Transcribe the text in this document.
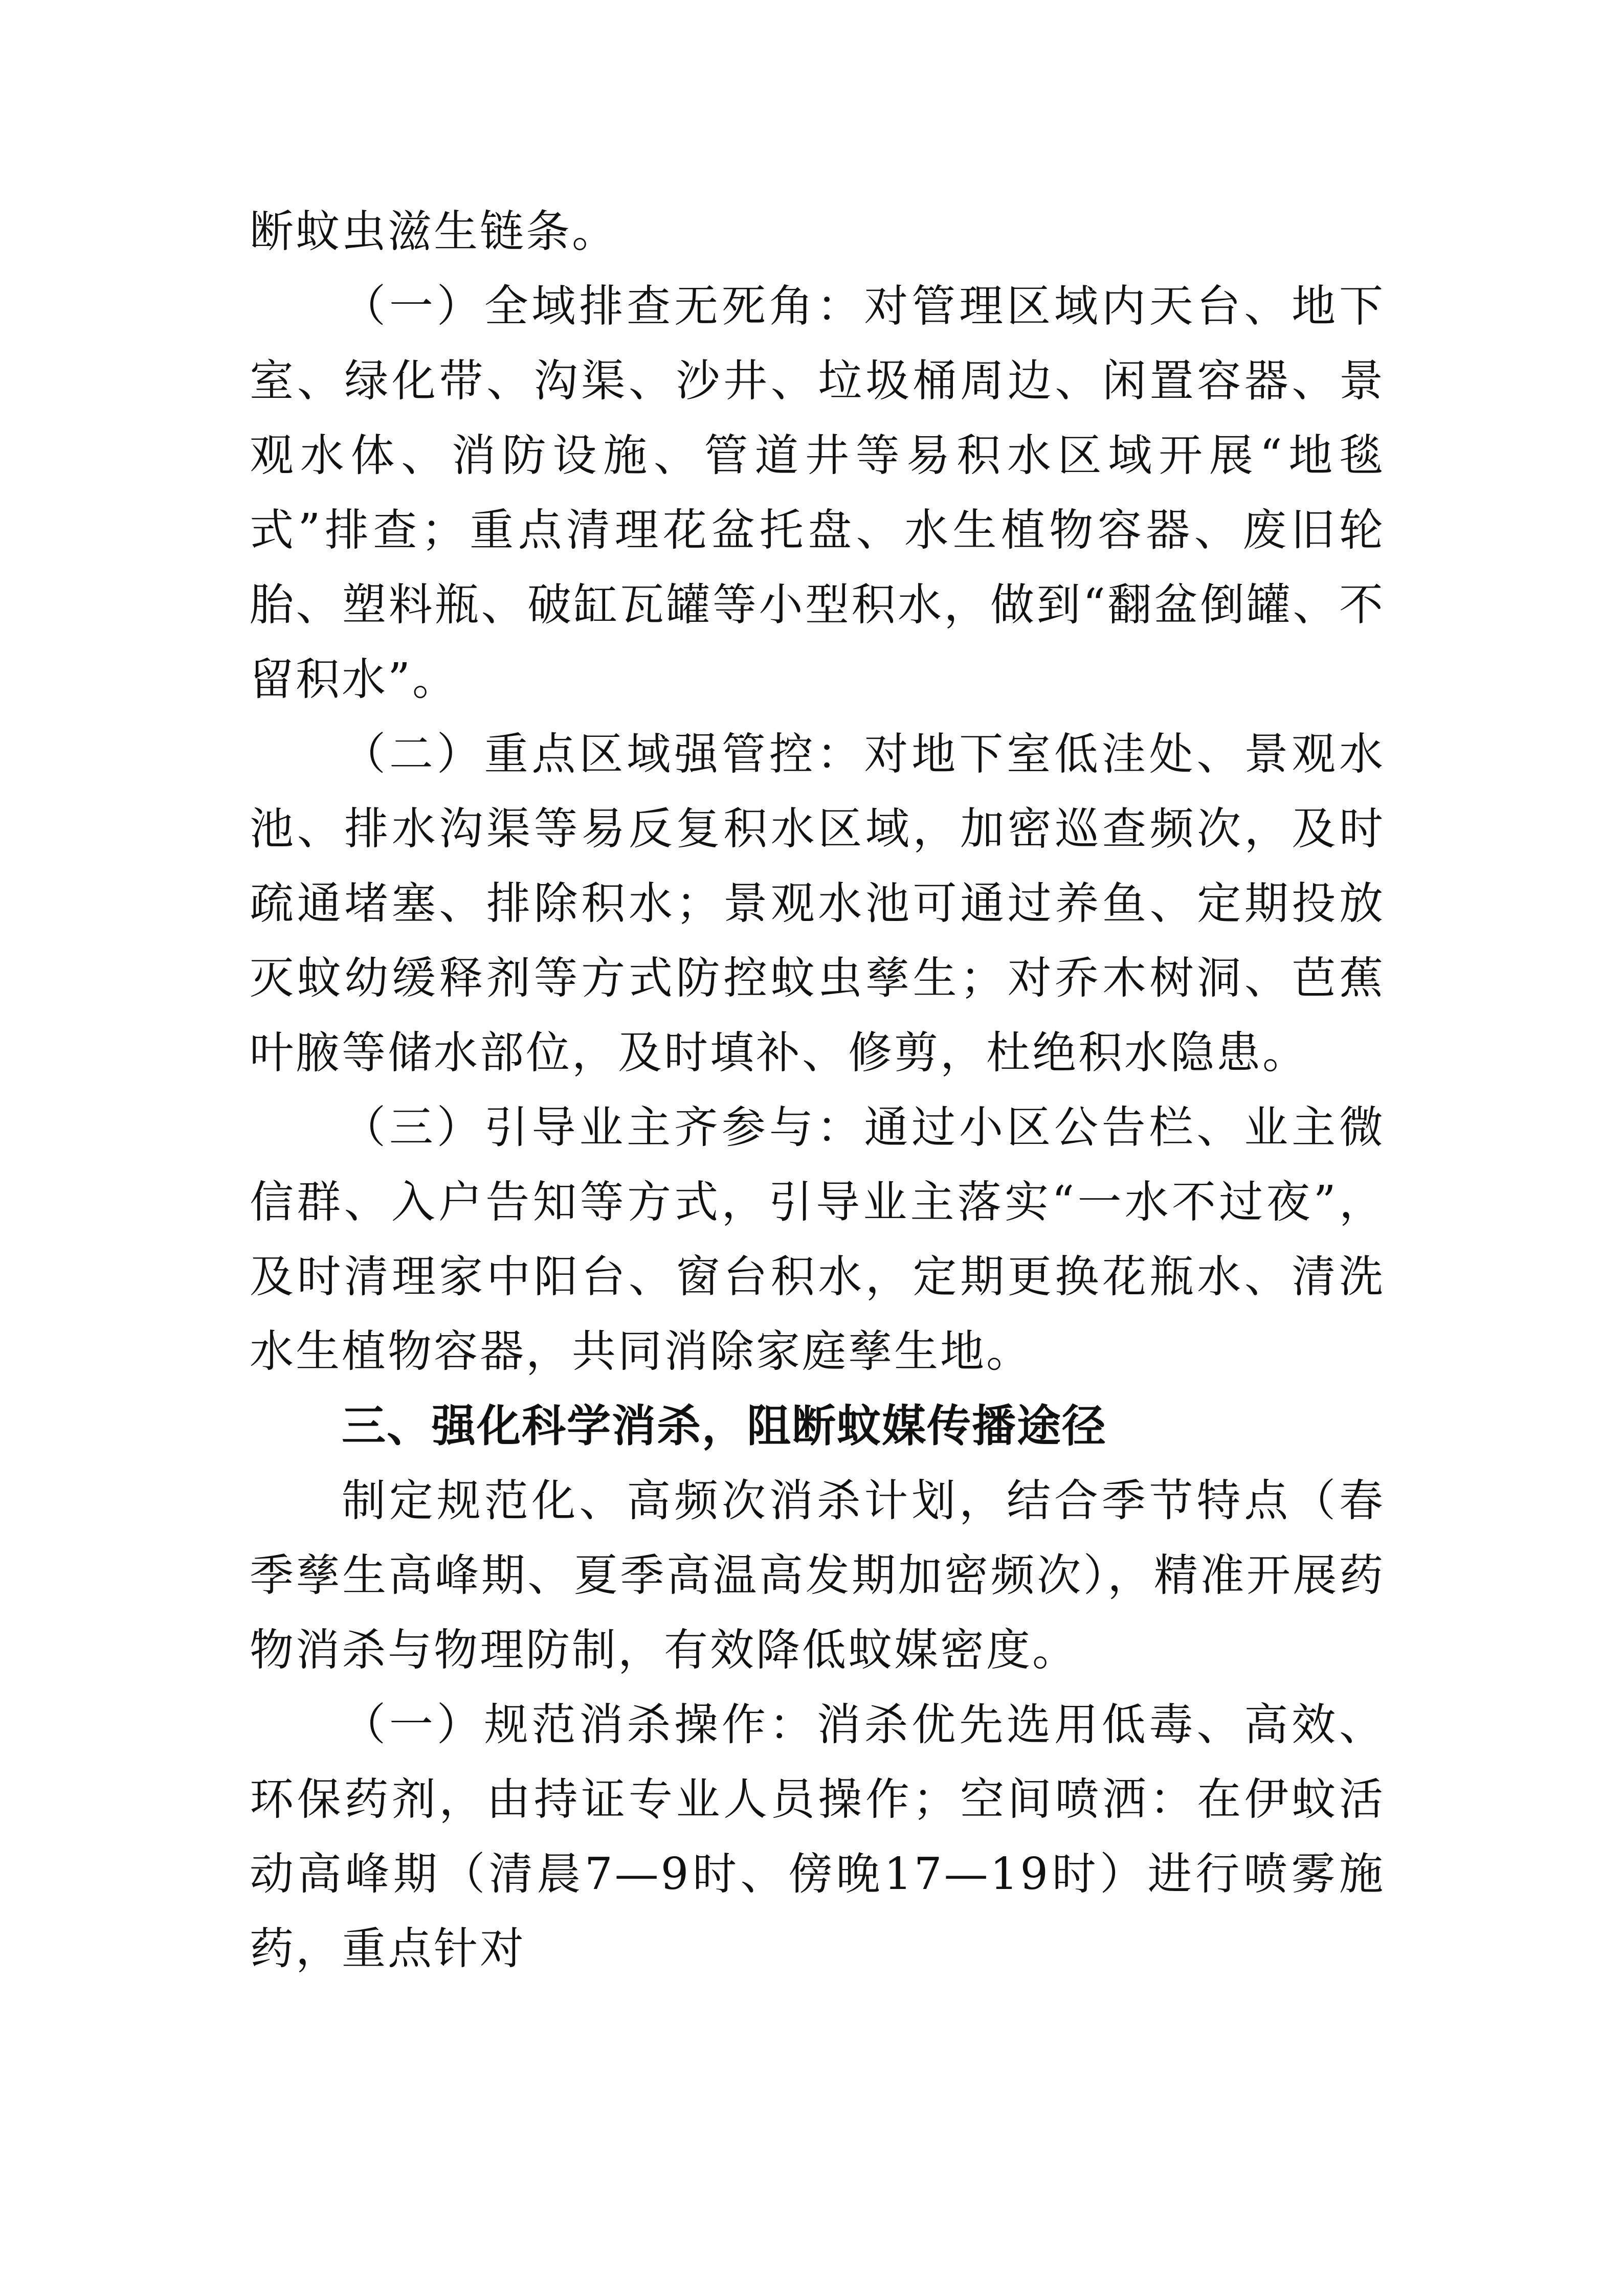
断蚊虫滋生链条。

（一）全域排查无死角：对管理区域内天台、地下室、绿化带、沟渠、沙井、垃圾桶周边、闲置容器、景观水体、消防设施、管道井等易积水区域开展“地毯式”排查；重点清理花盆托盘、水生植物容器、废旧轮胎、塑料瓶、破缸瓦罐等小型积水，做到“翻盆倒罐、不留积水”。

（二）重点区域强管控：对地下室低洼处、景观水池、排水沟渠等易反复积水区域，加密巡查频次，及时疏通堵塞、排除积水；景观水池可通过养鱼、定期投放灭蚊幼缓释剂等方式防控蚊虫孳生；对乔木树洞、芭蕉叶腋等储水部位，及时填补、修剪，杜绝积水隐患。

（三）引导业主齐参与：通过小区公告栏、业主微信群、入户告知等方式，引导业主落实“一水不过夜”，及时清理家中阳台、窗台积水，定期更换花瓶水、清洗水生植物容器，共同消除家庭孳生地。

三、强化科学消杀，阻断蚊媒传播途径

制定规范化、高频次消杀计划，结合季节特点（春季孳生高峰期、夏季高温高发期加密频次），精准开展药物消杀与物理防制，有效降低蚊媒密度。

（一）规范消杀操作：消杀优先选用低毒、高效、环保药剂，由持证专业人员操作；空间喷洒：在伊蚊活动高峰期（清晨7—9时、傍晚17—19时）进行喷雾施药，重点针对
